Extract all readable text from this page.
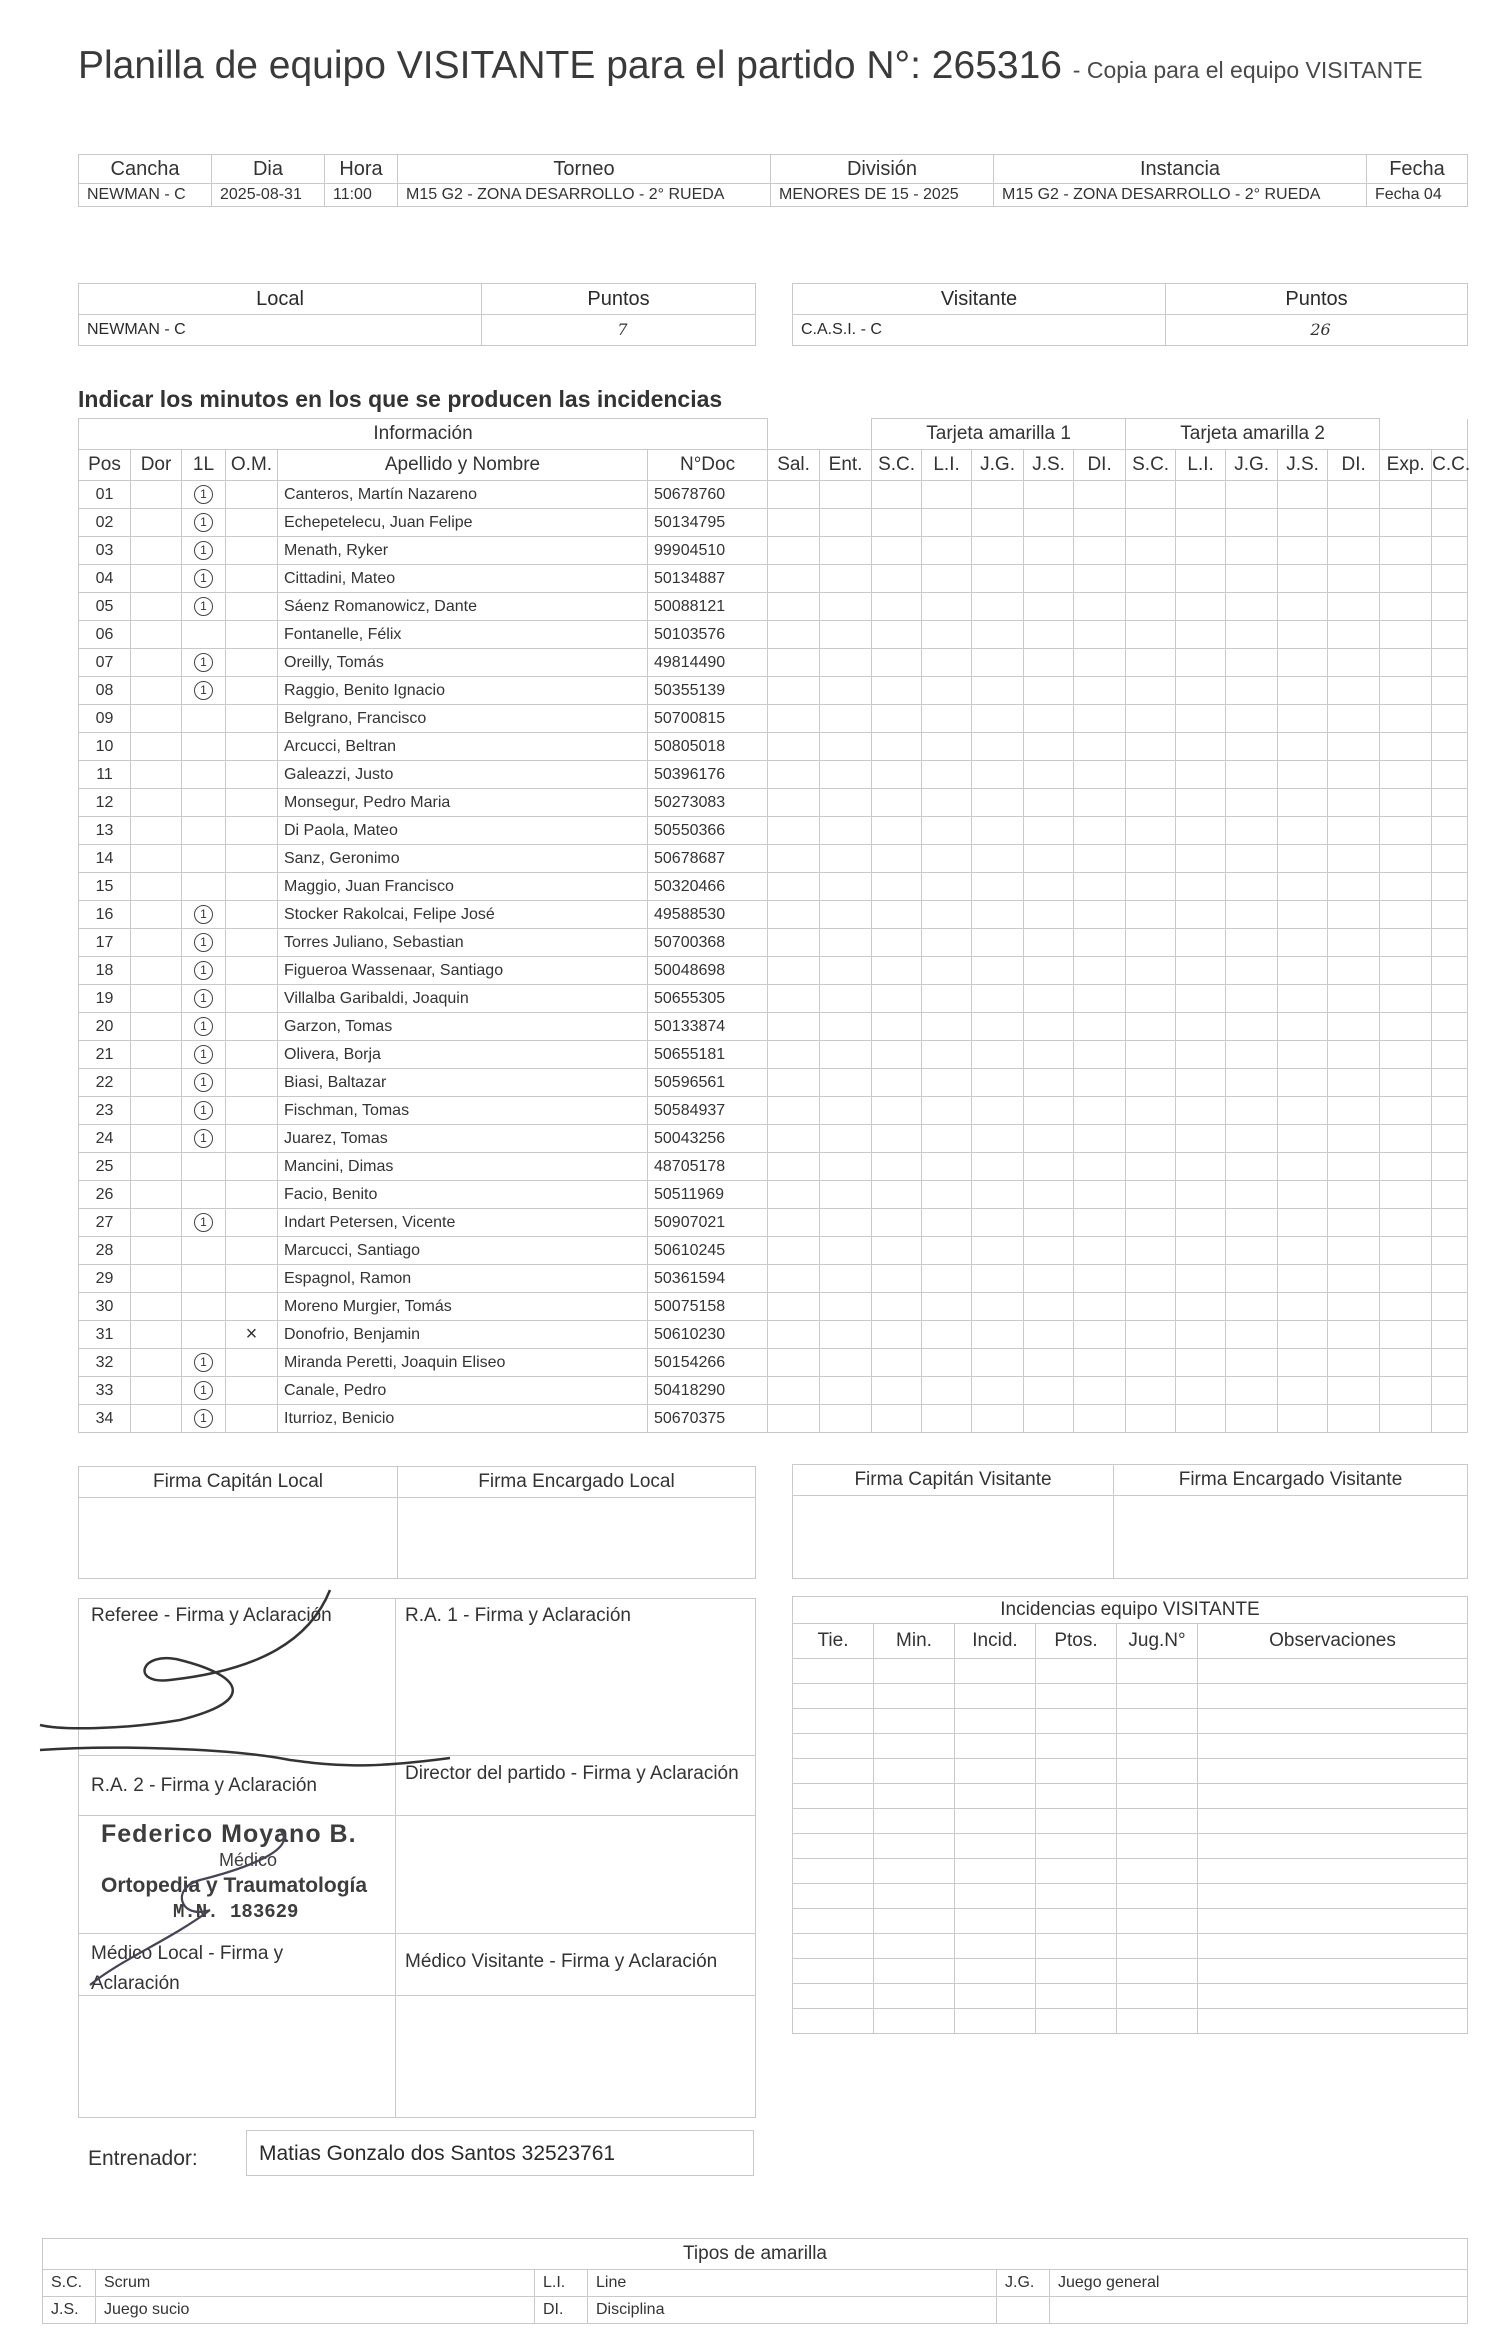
Planilla de equipo VISITANTE para el partido N°: 265316 - Copia para el equipo VISITANTE
Cancha	Dia	Hora	Torneo	División	Instancia	Fecha
NEWMAN - C	2025-08-31	11:00	M15 G2 - ZONA DESARROLLO - 2° RUEDA	MENORES DE 15 - 2025	M15 G2 - ZONA DESARROLLO - 2° RUEDA	Fecha 04
Local	Puntos
NEWMAN - C	7
Visitante	Puntos
C.A.S.I. - C	26
Indicar los minutos en los que se producen las incidencias
Información								Tarjeta amarilla 1					Tarjeta amarilla 2						
Pos	Dor	1L	O.M.	Apellido y Nombre	N°Doc	Sal.	Ent.	S.C.	L.I.	J.G.	J.S.	DI.	S.C.	L.I.	J.G.	J.S.	DI.	Exp.	C.C.
01		1		Canteros, Martín Nazareno	50678760														
02		1		Echepetelecu, Juan Felipe	50134795														
03		1		Menath, Ryker	99904510														
04		1		Cittadini, Mateo	50134887														
05		1		Sáenz Romanowicz, Dante	50088121														
06				Fontanelle, Félix	50103576														
07		1		Oreilly, Tomás	49814490														
08		1		Raggio, Benito Ignacio	50355139														
09				Belgrano, Francisco	50700815														
10				Arcucci, Beltran	50805018														
11				Galeazzi, Justo	50396176														
12				Monsegur, Pedro Maria	50273083														
13				Di Paola, Mateo	50550366														
14				Sanz, Geronimo	50678687														
15				Maggio, Juan Francisco	50320466														
16		1		Stocker Rakolcai, Felipe José	49588530														
17		1		Torres Juliano, Sebastian	50700368														
18		1		Figueroa Wassenaar, Santiago	50048698														
19		1		Villalba Garibaldi, Joaquin	50655305														
20		1		Garzon, Tomas	50133874														
21		1		Olivera, Borja	50655181														
22		1		Biasi, Baltazar	50596561														
23		1		Fischman, Tomas	50584937														
24		1		Juarez, Tomas	50043256														
25				Mancini, Dimas	48705178														
26				Facio, Benito	50511969														
27		1		Indart Petersen, Vicente	50907021														
28				Marcucci, Santiago	50610245														
29				Espagnol, Ramon	50361594														
30				Moreno Murgier, Tomás	50075158														
31			×	Donofrio, Benjamin	50610230														
32		1		Miranda Peretti, Joaquin Eliseo	50154266														
33		1		Canale, Pedro	50418290														
34		1		Iturrioz, Benicio	50670375														
Firma Capitán Local	Firma Encargado Local
		Firma Capitán Visitante	Firma Encargado Visitante

Referee - Firma y Aclaración	R.A. 1 - Firma y Aclaración
R.A. 2 - Firma y Aclaración
Director del partido - Firma y Aclaración
Médico Local - Firma y Aclaración
Médico Visitante - Firma y Aclaración
Federico Moyano B.
Médico
Ortopedia y Traumatología
M.N. 183629
Incidencias equipo VISITANTE					
Tie.	Min.	Incid.	Ptos.	Jug.N°	Observaciones

Entrenador:	Matias Gonzalo dos Santos 32523761
Tipos de amarilla					
S.C.	Scrum	L.I.	Line	J.G.	Juego general
J.S.	Juego sucio	DI.	Disciplina		
